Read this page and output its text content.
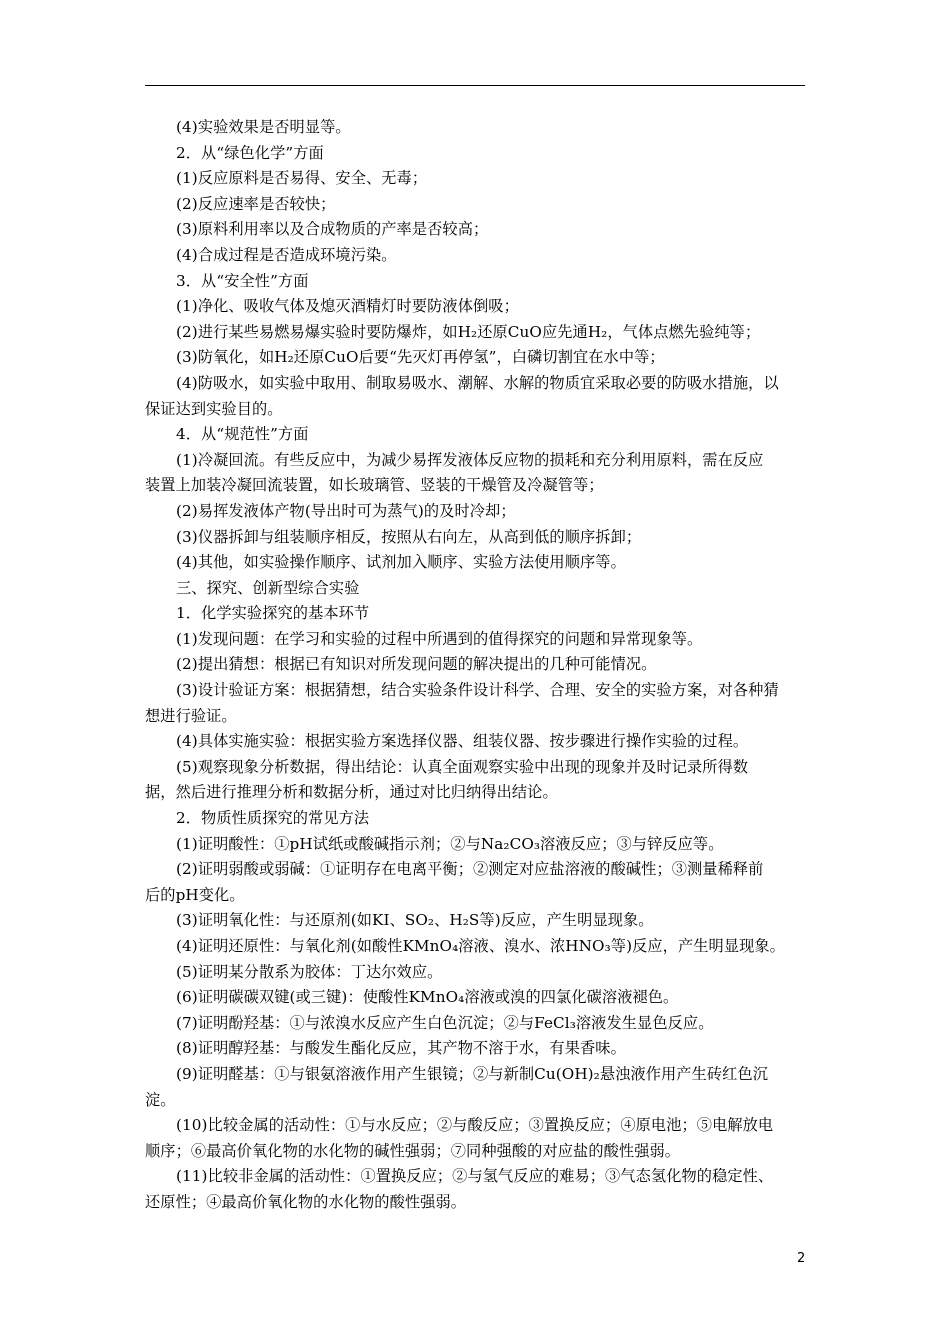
(4)实验效果是否明显等。
2．从“绿色化学”方面
(1)反应原料是否易得、安全、无毒；
(2)反应速率是否较快；
(3)原料利用率以及合成物质的产率是否较高；
(4)合成过程是否造成环境污染。
3．从“安全性”方面
(1)净化、吸收气体及熄灭酒精灯时要防液体倒吸；
(2)进行某些易燃易爆实验时要防爆炸，如H₂还原CuO应先通H₂，气体点燃先验纯等；
(3)防氧化，如H₂还原CuO后要“先灭灯再停氢”，白磷切割宜在水中等；
(4)防吸水，如实验中取用、制取易吸水、潮解、水解的物质宜采取必要的防吸水措施，以
保证达到实验目的。
4．从“规范性”方面
(1)冷凝回流。有些反应中，为减少易挥发液体反应物的损耗和充分利用原料，需在反应
装置上加装冷凝回流装置，如长玻璃管、竖装的干燥管及冷凝管等；
(2)易挥发液体产物(导出时可为蒸气)的及时冷却；
(3)仪器拆卸与组装顺序相反，按照从右向左，从高到低的顺序拆卸；
(4)其他，如实验操作顺序、试剂加入顺序、实验方法使用顺序等。
三、探究、创新型综合实验
1．化学实验探究的基本环节
(1)发现问题：在学习和实验的过程中所遇到的值得探究的问题和异常现象等。
(2)提出猜想：根据已有知识对所发现问题的解决提出的几种可能情况。
(3)设计验证方案：根据猜想，结合实验条件设计科学、合理、安全的实验方案，对各种猜
想进行验证。
(4)具体实施实验：根据实验方案选择仪器、组装仪器、按步骤进行操作实验的过程。
(5)观察现象分析数据，得出结论：认真全面观察实验中出现的现象并及时记录所得数
据，然后进行推理分析和数据分析，通过对比归纳得出结论。
2．物质性质探究的常见方法
(1)证明酸性：①pH试纸或酸碱指示剂；②与Na₂CO₃溶液反应；③与锌反应等。
(2)证明弱酸或弱碱：①证明存在电离平衡；②测定对应盐溶液的酸碱性；③测量稀释前
后的pH变化。
(3)证明氧化性：与还原剂(如KI、SO₂、H₂S等)反应，产生明显现象。
(4)证明还原性：与氧化剂(如酸性KMnO₄溶液、溴水、浓HNO₃等)反应，产生明显现象。
(5)证明某分散系为胶体：丁达尔效应。
(6)证明碳碳双键(或三键)：使酸性KMnO₄溶液或溴的四氯化碳溶液褪色。
(7)证明酚羟基：①与浓溴水反应产生白色沉淀；②与FeCl₃溶液发生显色反应。
(8)证明醇羟基：与酸发生酯化反应，其产物不溶于水，有果香味。
(9)证明醛基：①与银氨溶液作用产生银镜；②与新制Cu(OH)₂悬浊液作用产生砖红色沉
淀。
(10)比较金属的活动性：①与水反应；②与酸反应；③置换反应；④原电池；⑤电解放电
顺序；⑥最高价氧化物的水化物的碱性强弱；⑦同种强酸的对应盐的酸性强弱。
(11)比较非金属的活动性：①置换反应；②与氢气反应的难易；③气态氢化物的稳定性、
还原性；④最高价氧化物的水化物的酸性强弱。
2
